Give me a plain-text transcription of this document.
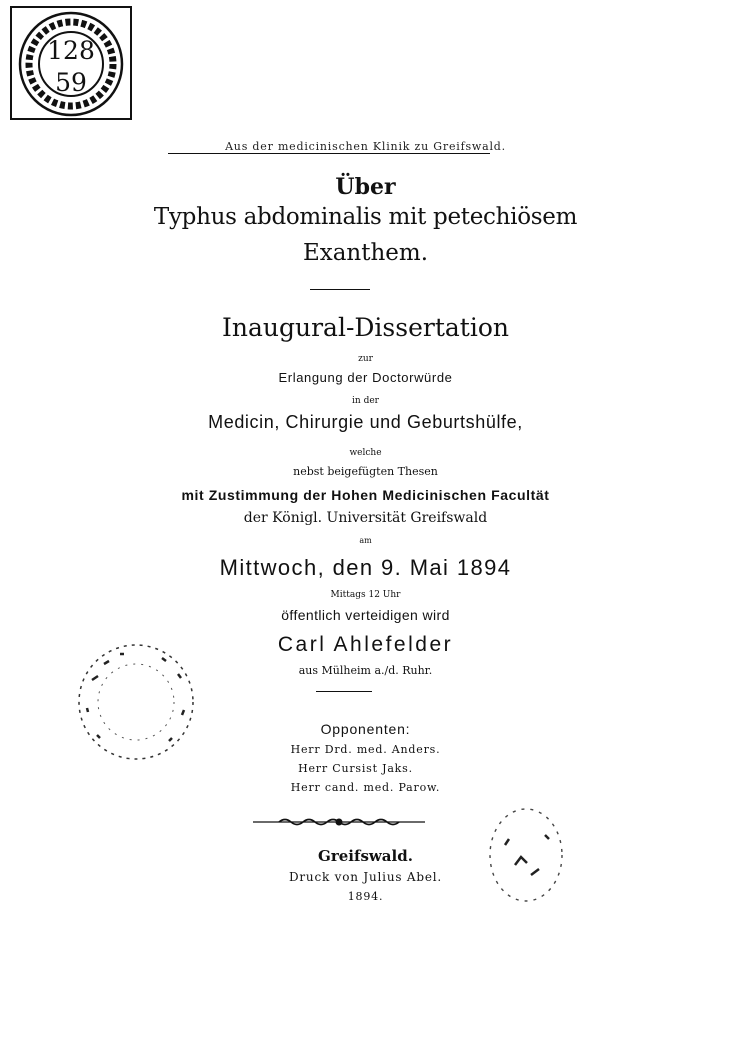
128
59
Aus der medicinischen Klinik zu Greifswald.
Über
Typhus abdominalis mit petechiösem
Exanthem.
Inaugural-Dissertation
zur
Erlangung der Doctorwürde
in der
Medicin, Chirurgie und Geburtshülfe,
welche
nebst beigefügten Thesen
mit Zustimmung der Hohen Medicinischen Facultät
der Königl. Universität Greifswald
am
Mittwoch, den 9. Mai 1894
Mittags 12 Uhr
öffentlich verteidigen wird
Carl Ahlefelder
aus Mülheim a./d. Ruhr.
Opponenten:
Herr Drd. med. Anders.
Herr Cursist Jaks.
Herr cand. med. Parow.
Greifswald.
Druck von Julius Abel.
1894.
